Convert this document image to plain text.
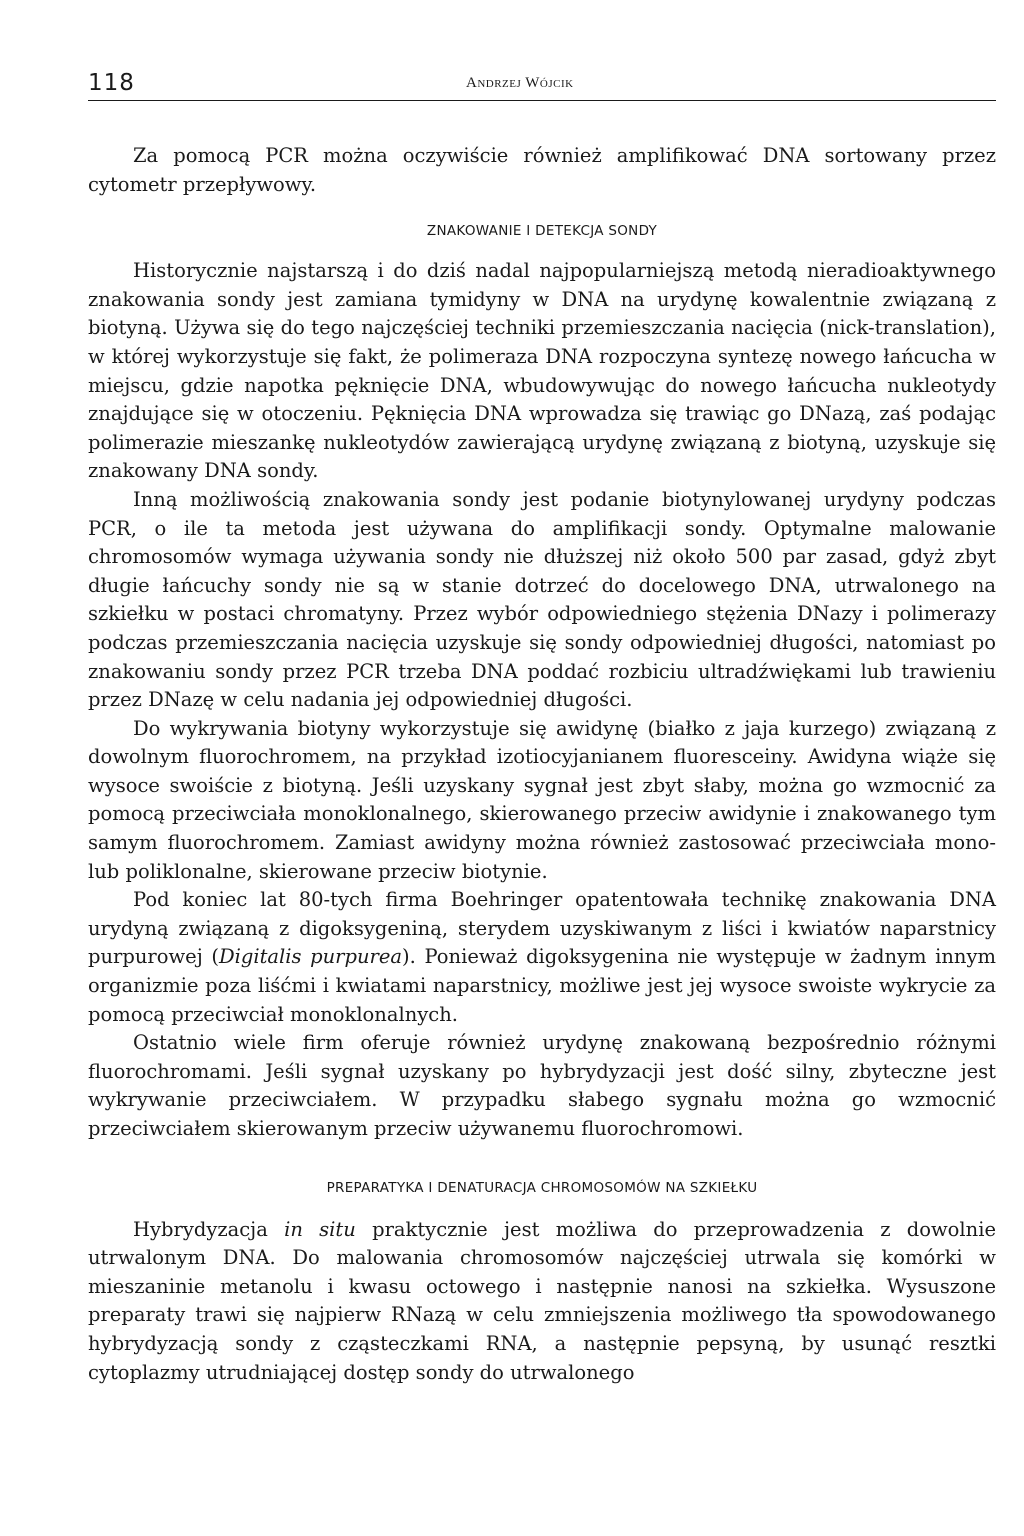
118	Andrzej Wójcik

Za pomocą PCR można oczywiście również amplifikować DNA sortowany przez cytometr przepływowy.

ZNAKOWANIE I DETEKCJA SONDY

Historycznie najstarszą i do dziś nadal najpopularniejszą metodą nieradioaktywnego znakowania sondy jest zamiana tymidyny w DNA na urydynę kowalentnie związaną z biotyną. Używa się do tego najczęściej techniki przemieszczania nacięcia (nick-translation), w której wykorzystuje się fakt, że polimeraza DNA rozpoczyna syntezę nowego łańcucha w miejscu, gdzie napotka pęknięcie DNA, wbudowywując do nowego łańcucha nukleotydy znajdujące się w otoczeniu. Pęknięcia DNA wprowadza się trawiąc go DNazą, zaś podając polimerazie mieszankę nukleotydów zawierającą urydynę związaną z biotyną, uzyskuje się znakowany DNA sondy.

Inną możliwością znakowania sondy jest podanie biotynylowanej urydyny podczas PCR, o ile ta metoda jest używana do amplifikacji sondy. Optymalne malowanie chromosomów wymaga używania sondy nie dłuższej niż około 500 par zasad, gdyż zbyt długie łańcuchy sondy nie są w stanie dotrzeć do docelowego DNA, utrwalonego na szkiełku w postaci chromatyny. Przez wybór odpowiedniego stężenia DNazy i polimerazy podczas przemieszczania nacięcia uzyskuje się sondy odpowiedniej długości, natomiast po znakowaniu sondy przez PCR trzeba DNA poddać rozbiciu ultradźwiękami lub trawieniu przez DNazę w celu nadania jej odpowiedniej długości.

Do wykrywania biotyny wykorzystuje się awidynę (białko z jaja kurzego) związaną z dowolnym fluorochromem, na przykład izotiocyjanianem fluoresceiny. Awidyna wiąże się wysoce swoiście z biotyną. Jeśli uzyskany sygnał jest zbyt słaby, można go wzmocnić za pomocą przeciwciała monoklonalnego, skierowanego przeciw awidynie i znakowanego tym samym fluorochromem. Zamiast awidyny można również zastosować przeciwciała mono- lub poliklonalne, skierowane przeciw biotynie.

Pod koniec lat 80-tych firma Boehringer opatentowała technikę znakowania DNA urydyną związaną z digoksygeniną, sterydem uzyskiwanym z liści i kwiatów naparstnicy purpurowej (Digitalis purpurea). Ponieważ digoksygenina nie występuje w żadnym innym organizmie poza liśćmi i kwiatami naparstnicy, możliwe jest jej wysoce swoiste wykrycie za pomocą przeciwciał monoklonalnych.

Ostatnio wiele firm oferuje również urydynę znakowaną bezpośrednio różnymi fluorochromami. Jeśli sygnał uzyskany po hybrydyzacji jest dość silny, zbyteczne jest wykrywanie przeciwciałem. W przypadku słabego sygnału można go wzmocnić przeciwciałem skierowanym przeciw używanemu fluorochromowi.

PREPARATYKA I DENATURACJA CHROMOSOMÓW NA SZKIEŁKU

Hybrydyzacja in situ praktycznie jest możliwa do przeprowadzenia z dowolnie utrwalonym DNA. Do malowania chromosomów najczęściej utrwala się komórki w mieszaninie metanolu i kwasu octowego i następnie nanosi na szkiełka. Wysuszone preparaty trawi się najpierw RNazą w celu zmniejszenia możliwego tła spowodowanego hybrydyzacją sondy z cząsteczkami RNA, a następnie pepsyną, by usunąć resztki cytoplazmy utrudniającej dostęp sondy do utrwalonego
